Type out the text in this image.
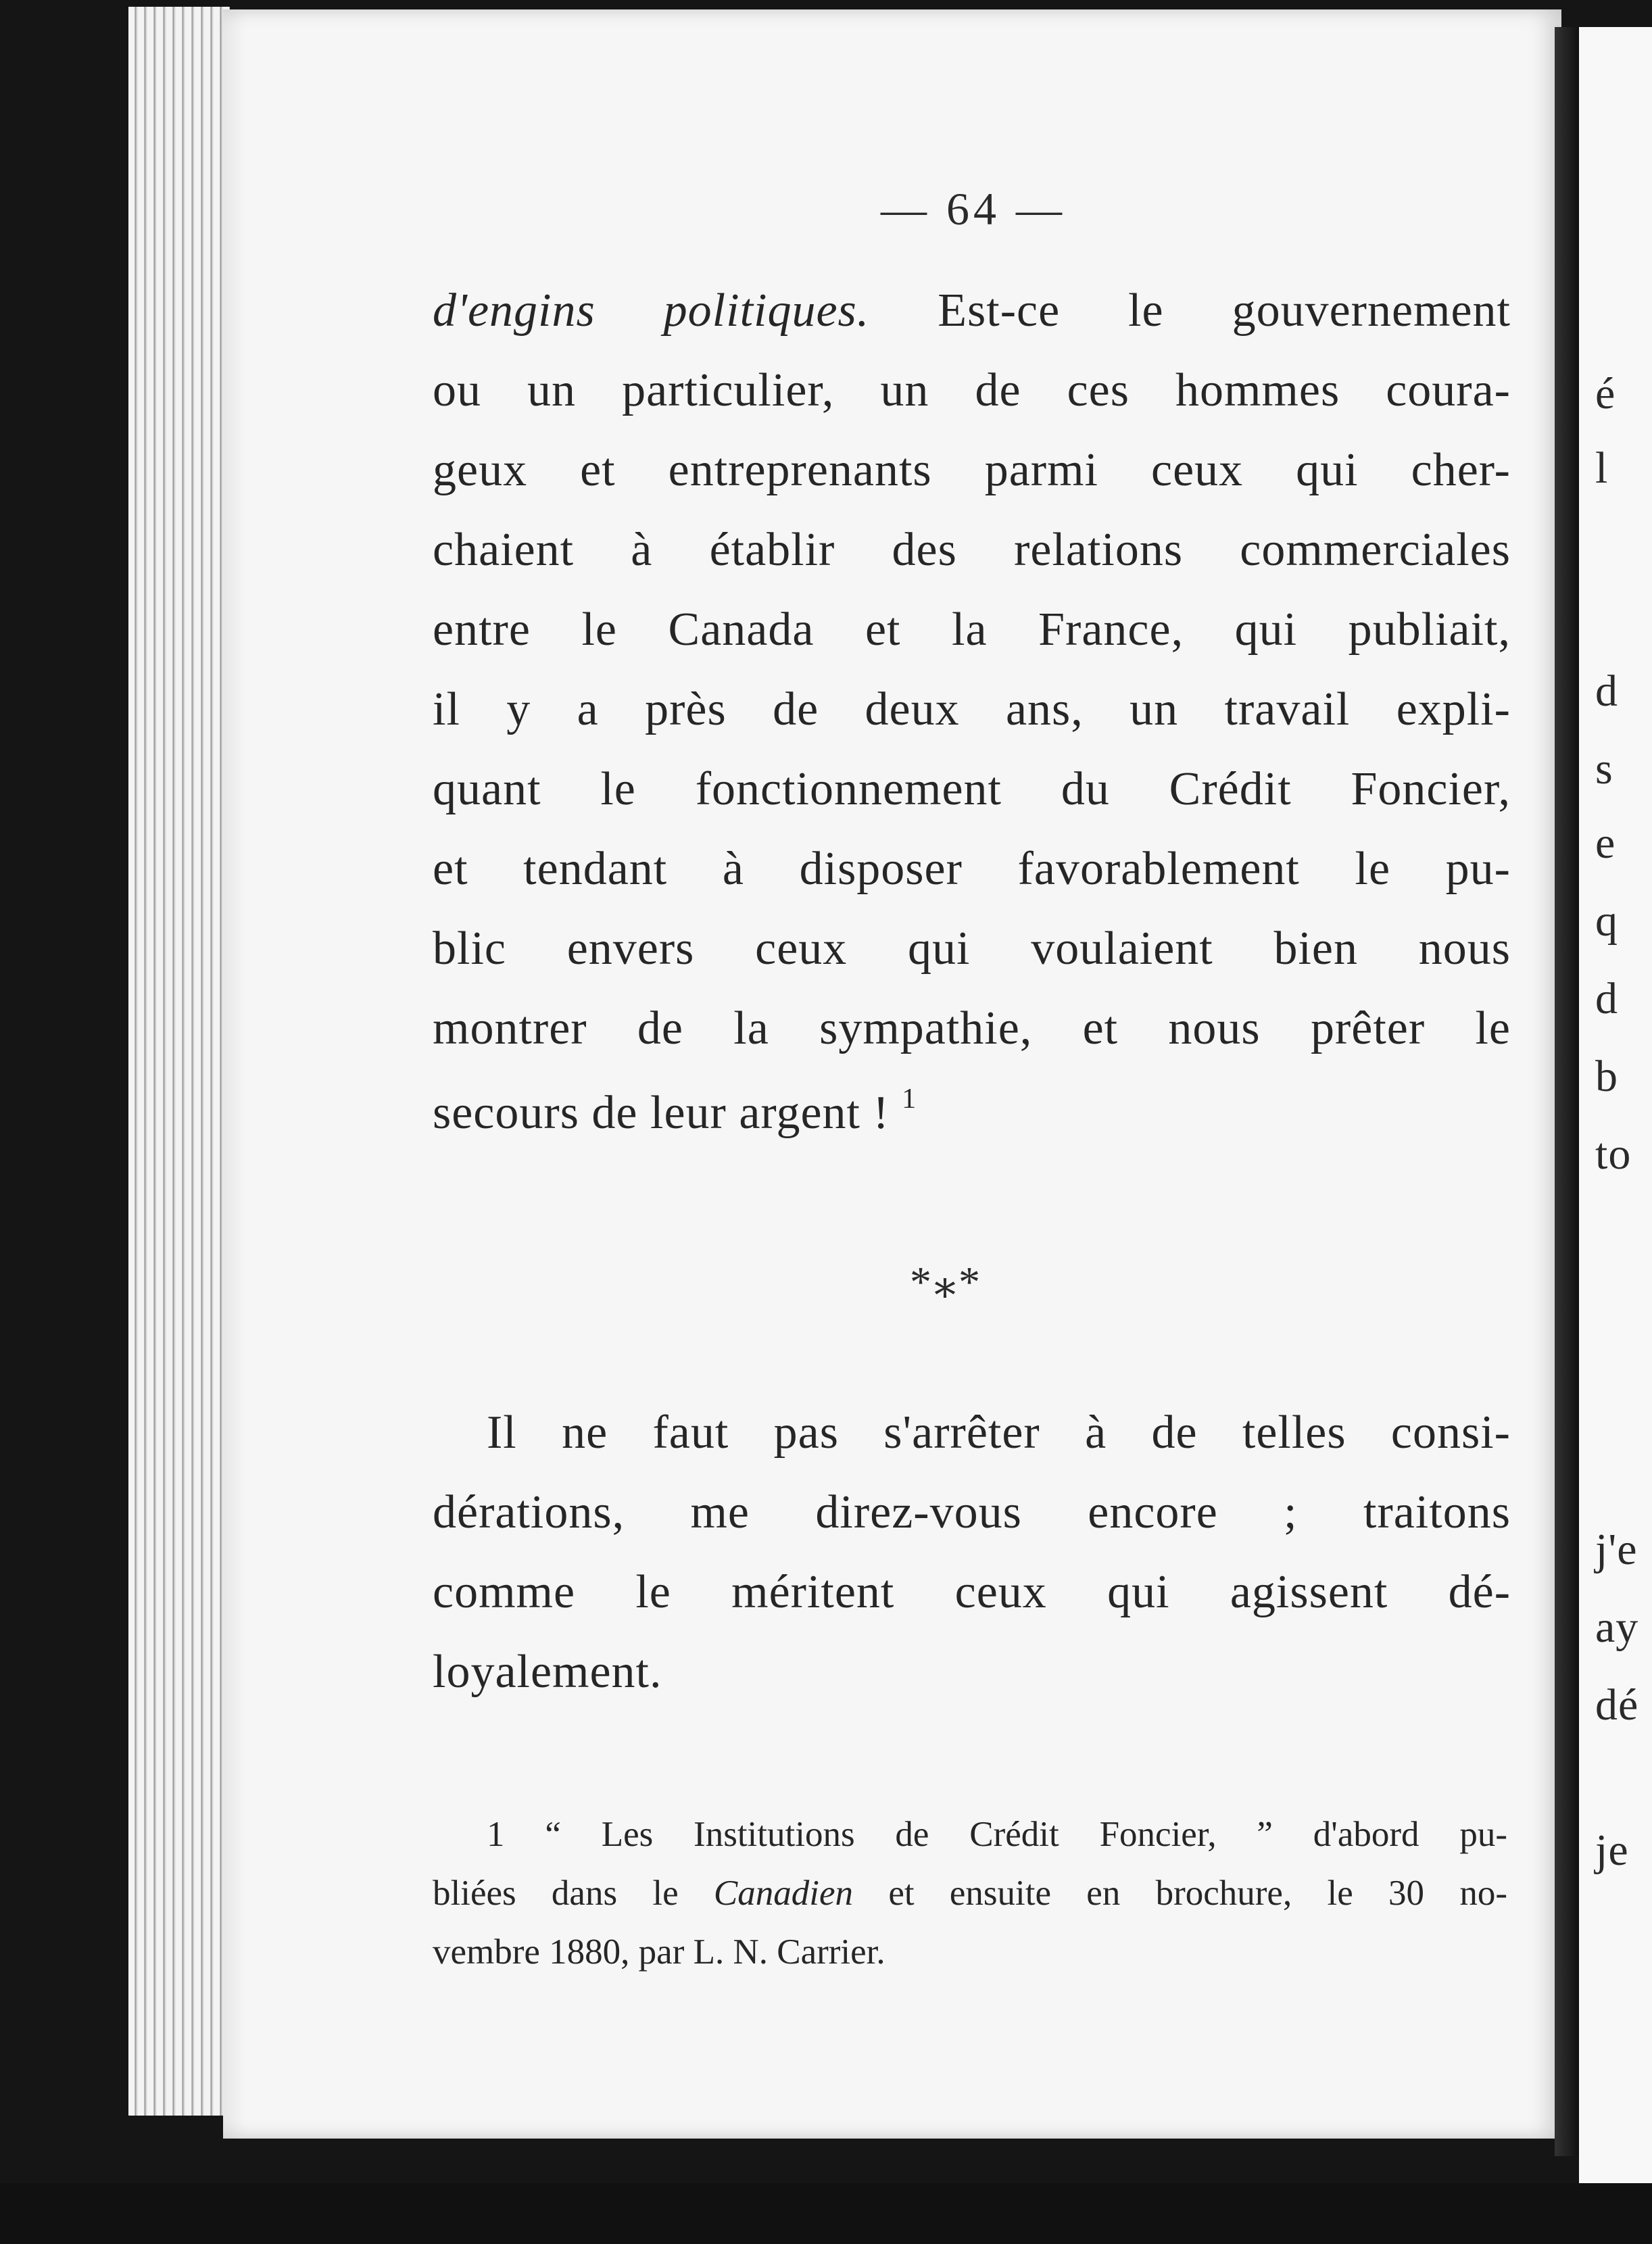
é
l
d
s
e
q
d
b
to
j'e
ay
dé
je
— 64 —
d'engins politiques. Est-ce le gouvernement
ou un particulier, un de ces hommes coura-
geux et entreprenants parmi ceux qui cher-
chaient à établir des relations commerciales
entre le Canada et la France, qui publiait,
il y a près de deux ans, un travail expli-
quant le fonctionnement du Crédit Foncier,
et tendant à disposer favorablement le pu-
blic envers ceux qui voulaient bien nous
montrer de la sympathie, et nous prêter le
secours de leur argent ! $^1$
*⁎*
Il ne faut pas s'arrêter à de telles consi-
dérations, me direz-vous encore ; traitons
comme le méritent ceux qui agissent dé-
loyalement.
1 “ Les Institutions de Crédit Foncier, ” d'abord pu-
bliées dans le Canadien et ensuite en brochure, le 30 no-
vembre 1880, par L. N. Carrier.
